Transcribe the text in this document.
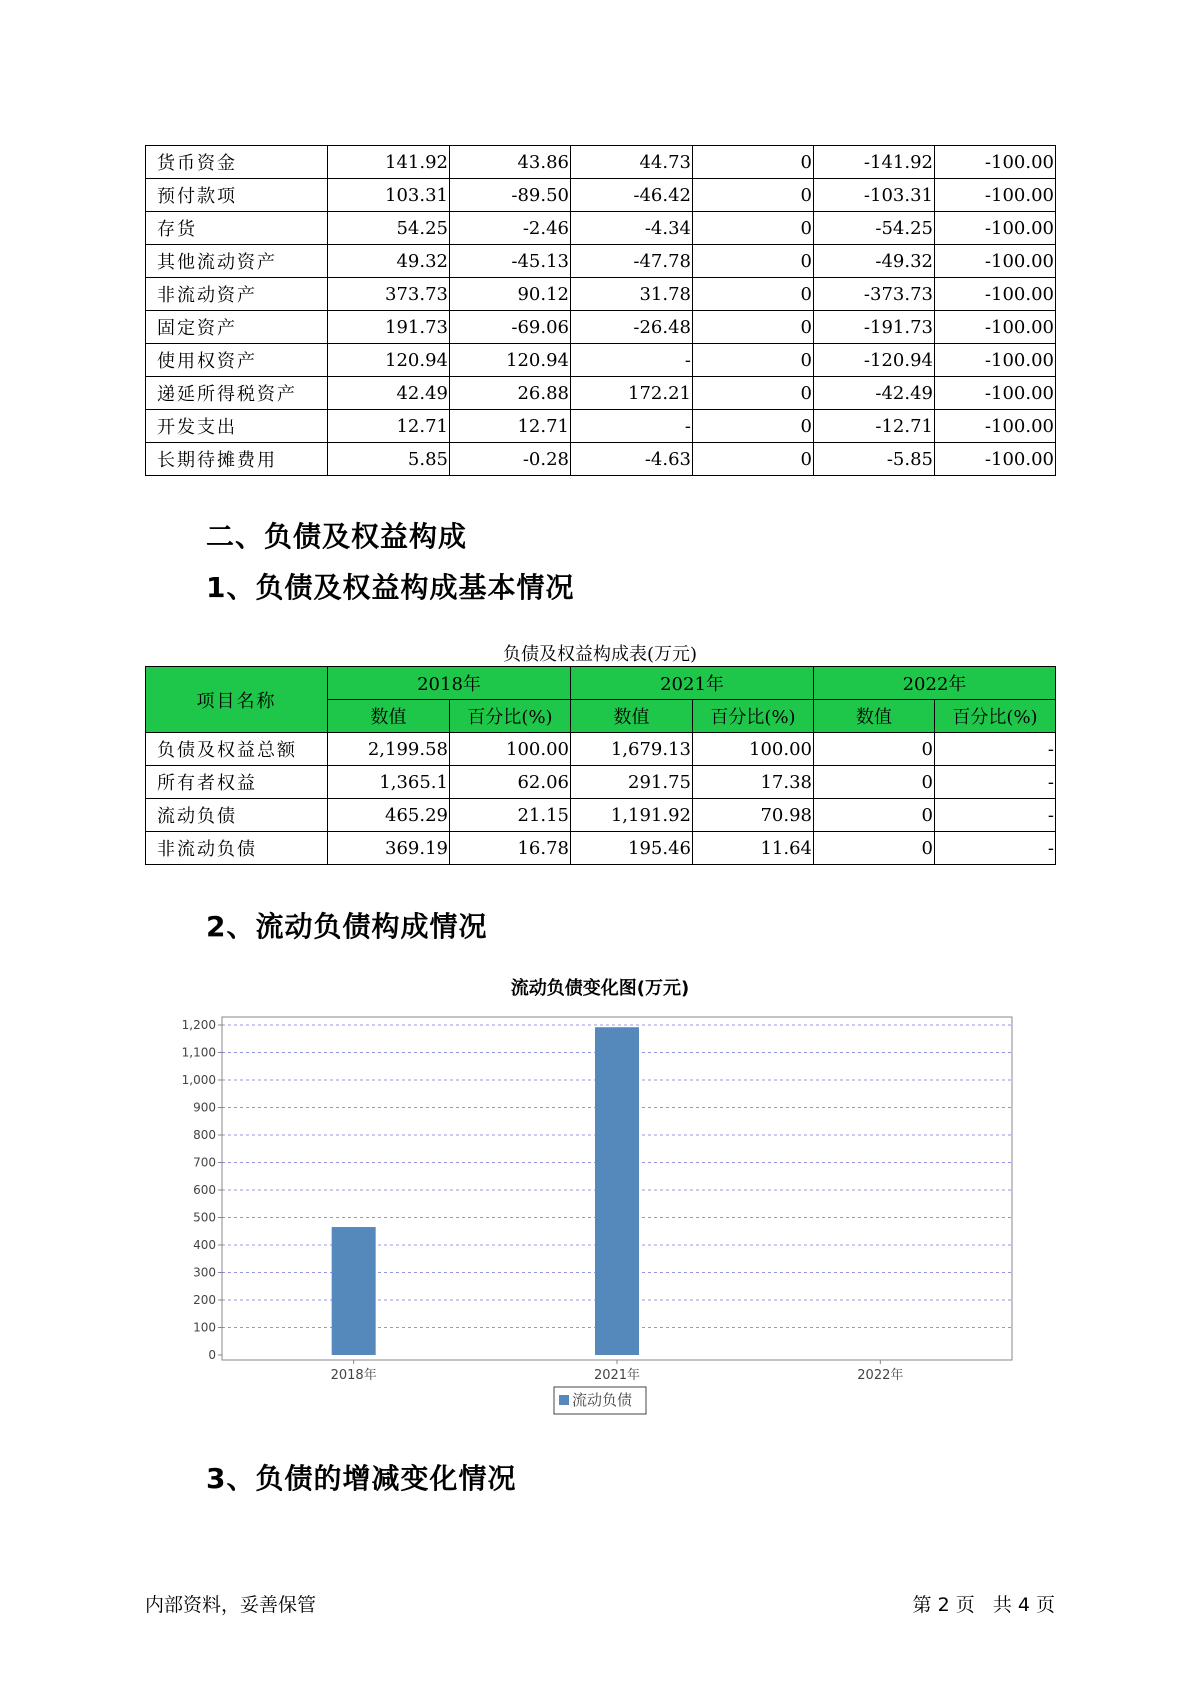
货币资金	141.92	43.86	44.73	0	-141.92	-100.00
预付款项	103.31	-89.50	-46.42	0	-103.31	-100.00
存货	54.25	-2.46	-4.34	0	-54.25	-100.00
其他流动资产	49.32	-45.13	-47.78	0	-49.32	-100.00
非流动资产	373.73	90.12	31.78	0	-373.73	-100.00
固定资产	191.73	-69.06	-26.48	0	-191.73	-100.00
使用权资产	120.94	120.94	-	0	-120.94	-100.00
递延所得税资产	42.49	26.88	172.21	0	-42.49	-100.00
开发支出	12.71	12.71	-	0	-12.71	-100.00
长期待摊费用	5.85	-0.28	-4.63	0	-5.85	-100.00
二、负债及权益构成
1、负债及权益构成基本情况
负债及权益构成表(万元)
项目名称	2018年		2021年		2022年	
	数值	百分比(%)	数值	百分比(%)	数值	百分比(%)
负债及权益总额	2,199.58	100.00	1,679.13	100.00	0	-
所有者权益	1,365.1	62.06	291.75	17.38	0	-
流动负债	465.29	21.15	1,191.92	70.98	0	-
非流动负债	369.19	16.78	195.46	11.64	0	-
2、流动负债构成情况
流动负债变化图(万元)
0
100
200
300
400
500
600
700
800
900
1,000
1,100
1,200
2018年	2021年	2022年
流动负债
3、负债的增减变化情况
内部资料，妥善保管	第 2 页   共 4 页
